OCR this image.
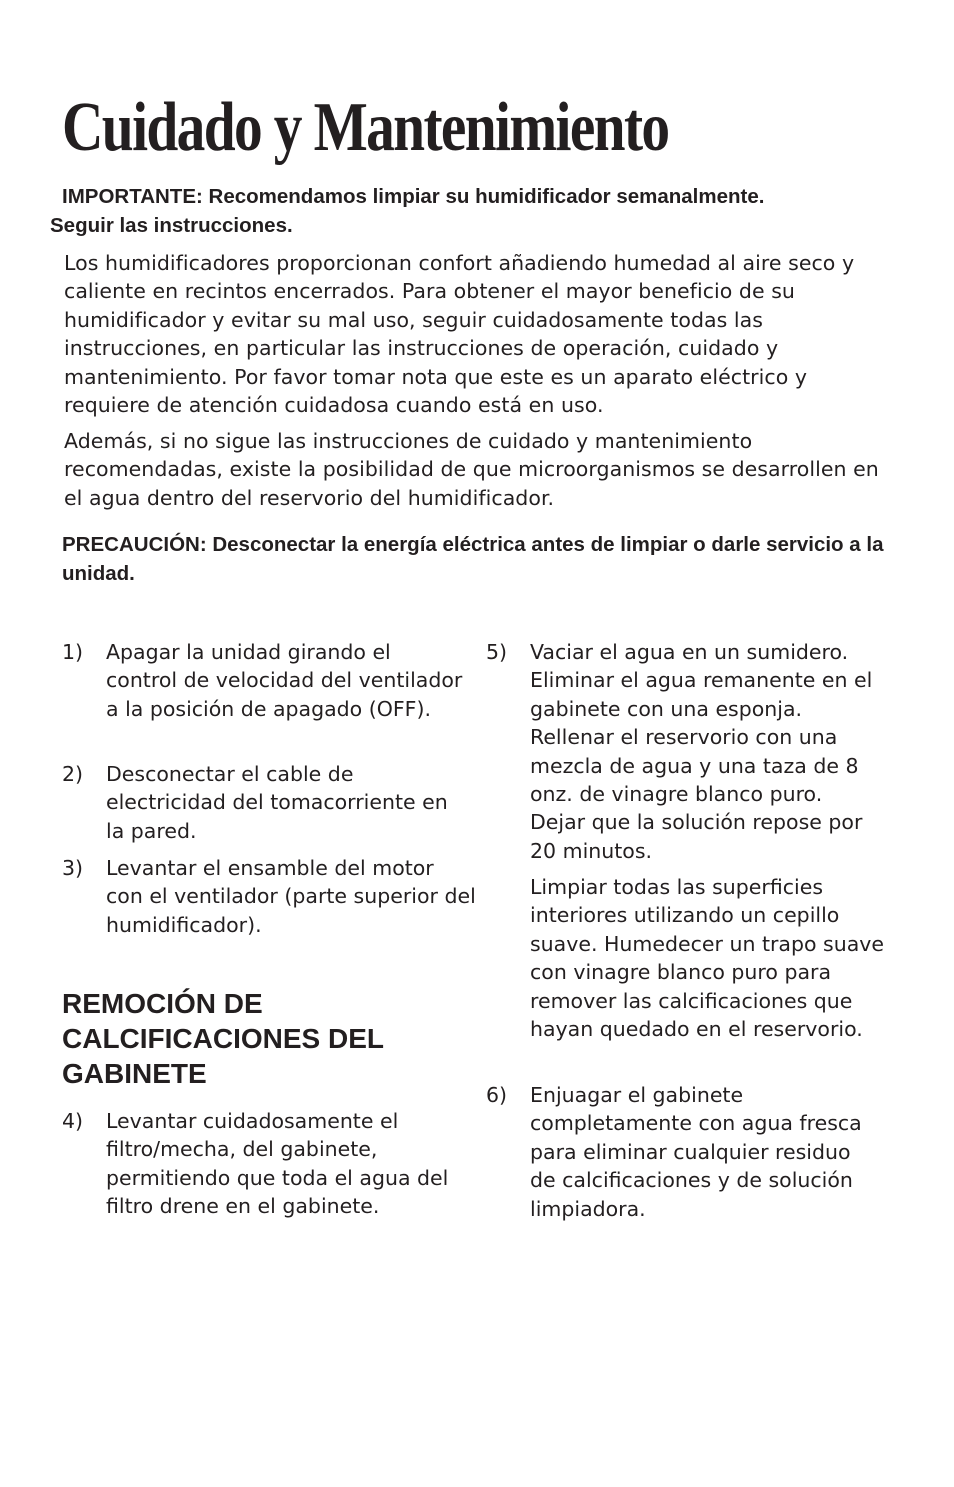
Cuidado y Mantenimiento
IMPORTANTE: Recomendamos limpiar su humidificador semanalmente.
Seguir las instrucciones.

Los humidificadores proporcionan confort añadiendo humedad al aire seco y caliente en recintos encerrados. Para obtener el mayor beneficio de su humidificador y evitar su mal uso, seguir cuidadosamente todas las instrucciones, en particular las instrucciones de operación, cuidado y mantenimiento. Por favor tomar nota que este es un aparato eléctrico y requiere de atención cuidadosa cuando está en uso.

Además, si no sigue las instrucciones de cuidado y mantenimiento recomendadas, existe la posibilidad de que microorganismos se desarrollen en el agua dentro del reservorio del humidificador.

PRECAUCIÓN: Desconectar la energía eléctrica antes de limpiar o darle servicio a la unidad.
1) Apagar la unidad girando el control de velocidad del ventilador a la posición de apagado (OFF).
2) Desconectar el cable de electricidad del tomacorriente en la pared.
3) Levantar el ensamble del motor con el ventilador (parte superior del humidificador).
REMOCIÓN DE CALCIFICACIONES DEL GABINETE
4) Levantar cuidadosamente el filtro/mecha, del gabinete, permitiendo que toda el agua del filtro drene en el gabinete.
5) Vaciar el agua en un sumidero. Eliminar el agua remanente en el gabinete con una esponja. Rellenar el reservorio con una mezcla de agua y una taza de 8 onz. de vinagre blanco puro. Dejar que la solución repose por 20 minutos.
Limpiar todas las superficies interiores utilizando un cepillo suave. Humedecer un trapo suave con vinagre blanco puro para remover las calcificaciones que hayan quedado en el reservorio.
6) Enjuagar el gabinete completamente con agua fresca para eliminar cualquier residuo de calcificaciones y de solución limpiadora.
